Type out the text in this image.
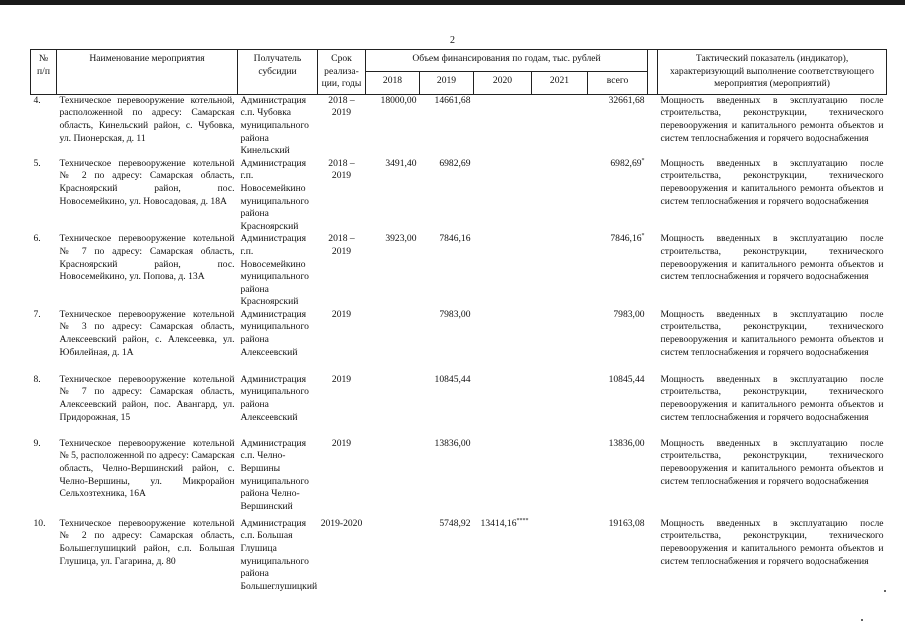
2
№ п/п	Наименование мероприятия	Получатель субсидии	Срок реализа-ции, годы	Объем финансирования по годам, тыс. рублей						Тактический показатель (индикатор), характеризующий выполнение соответствующего мероприятия (мероприятий)
				2018	2019	2020	2021	всего		
4.	Техническое перевооружение котельной, расположенной по адресу: Самарская область, Кинельский район, с. Чубовка, ул. Пионерская, д. 11	Администрация с.п. Чубовка муниципального района Кинельский	2018 – 2019	18000,00	14661,68			32661,68		Мощность введенных в эксплуатацию после строительства, реконструкции, технического перевооружения и капитального ремонта объектов и систем теплоснабжения и горячего водоснабжения
5.	Техническое перевооружение котельной № 2 по адресу: Самарская область, Красноярский район, пос. Новосемейкино, ул. Новосадовая, д. 18А	Администрация г.п. Новосемейкино муниципального района Красноярский	2018 – 2019	3491,40	6982,69			6982,69*		Мощность введенных в эксплуатацию после строительства, реконструкции, технического перевооружения и капитального ремонта объектов и систем теплоснабжения и горячего водоснабжения
6.	Техническое перевооружение котельной № 7 по адресу: Самарская область, Красноярский район, пос. Новосемейкино, ул. Попова, д. 13А	Администрация г.п. Новосемейкино муниципального района Красноярский	2018 – 2019	3923,00	7846,16			7846,16*		Мощность введенных в эксплуатацию после строительства, реконструкции, технического перевооружения и капитального ремонта объектов и систем теплоснабжения и горячего водоснабжения
7.	Техническое перевооружение котельной № 3 по адресу: Самарская область, Алексеевский район, с. Алексеевка, ул. Юбилейная, д. 1А	Администрация муниципального района Алексеевский	2019		7983,00			7983,00		Мощность введенных в эксплуатацию после строительства, реконструкции, технического перевооружения и капитального ремонта объектов и систем теплоснабжения и горячего водоснабжения
8.	Техническое перевооружение котельной № 7 по адресу: Самарская область, Алексеевский район, пос. Авангард, ул. Придорожная, 15	Администрация муниципального района Алексеевский	2019		10845,44			10845,44		Мощность введенных в эксплуатацию после строительства, реконструкции, технического перевооружения и капитального ремонта объектов и систем теплоснабжения и горячего водоснабжения
9.	Техническое перевооружение котельной № 5, расположенной по адресу: Самарская область, Челно-Вершинский район, с. Челно-Вершины, ул. Микрорайон Сельхозтехника, 16А	Администрация с.п. Челно-Вершины муниципального района Челно-Вершинский	2019		13836,00			13836,00		Мощность введенных в эксплуатацию после строительства, реконструкции, технического перевооружения и капитального ремонта объектов и систем теплоснабжения и горячего водоснабжения
10.	Техническое перевооружение котельной № 2 по адресу: Самарская область, Большеглушицкий район, с.п. Большая Глушица, ул. Гагарина, д. 80	Администрация с.п. Большая Глушица муниципального района Большеглушицкий	2019-2020		5748,92	13414,16****		19163,08		Мощность введенных в эксплуатацию после строительства, реконструкции, технического перевооружения и капитального ремонта объектов и систем теплоснабжения и горячего водоснабжения
